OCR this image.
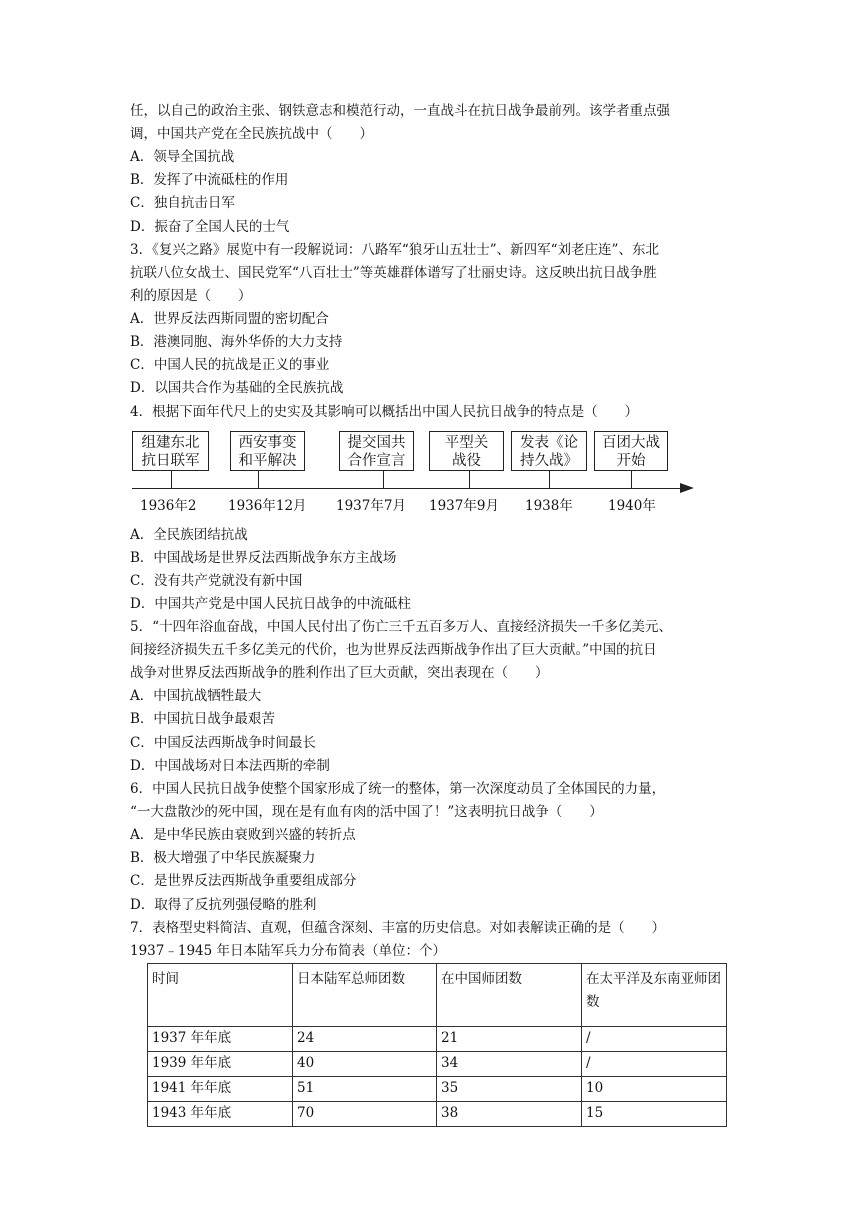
任，以自己的政治主张、钢铁意志和模范行动，一直战斗在抗日战争最前列。该学者重点强
调，中国共产党在全民族抗战中（　　）
A．领导全国抗战
B．发挥了中流砥柱的作用
C．独自抗击日军
D．振奋了全国人民的士气
3．《复兴之路》展览中有一段解说词：八路军“狼牙山五壮士”、新四军“刘老庄连”、东北
抗联八位女战士、国民党军“八百壮士”等英雄群体谱写了壮丽史诗。这反映出抗日战争胜
利的原因是（　　）
A．世界反法西斯同盟的密切配合
B．港澳同胞、海外华侨的大力支持
C．中国人民的抗战是正义的事业
D．以国共合作为基础的全民族抗战
4．根据下面年代尺上的史实及其影响可以概括出中国人民抗日战争的特点是（　　）
组建东北
抗日联军
西安事变
和平解决
提交国共
合作宣言
平型关
战役
发表《论
持久战》
百团大战
开始
1936年2 1936年12月 1937年7月 1937年9月 1938年	1940年
A．全民族团结抗战
B．中国战场是世界反法西斯战争东方主战场
C．没有共产党就没有新中国
D．中国共产党是中国人民抗日战争的中流砥柱
5．“十四年浴血奋战，中国人民付出了伤亡三千五百多万人、直接经济损失一千多亿美元、
间接经济损失五千多亿美元的代价，也为世界反法西斯战争作出了巨大贡献。”中国的抗日
战争对世界反法西斯战争的胜利作出了巨大贡献，突出表现在（　　）
A．中国抗战牺牲最大
B．中国抗日战争最艰苦
C．中国反法西斯战争时间最长
D．中国战场对日本法西斯的牵制
6．中国人民抗日战争使整个国家形成了统一的整体，第一次深度动员了全体国民的力量，
“一大盘散沙的死中国，现在是有血有肉的活中国了！”这表明抗日战争（　　）
A．是中华民族由衰败到兴盛的转折点
B．极大增强了中华民族凝聚力
C．是世界反法西斯战争重要组成部分
D．取得了反抗列强侵略的胜利
7．表格型史料简洁、直观，但蕴含深刻、丰富的历史信息。对如表解读正确的是（　　）
1937﹣1945 年日本陆军兵力分布简表（单位：个）
时间	日本陆军总师团数	在中国师团数	在太平洋及东南亚师团数
1937 年年底	24	21	/
1939 年年底	40	34	/
1941 年年底	51	35	10
1943 年年底	70	38	15
